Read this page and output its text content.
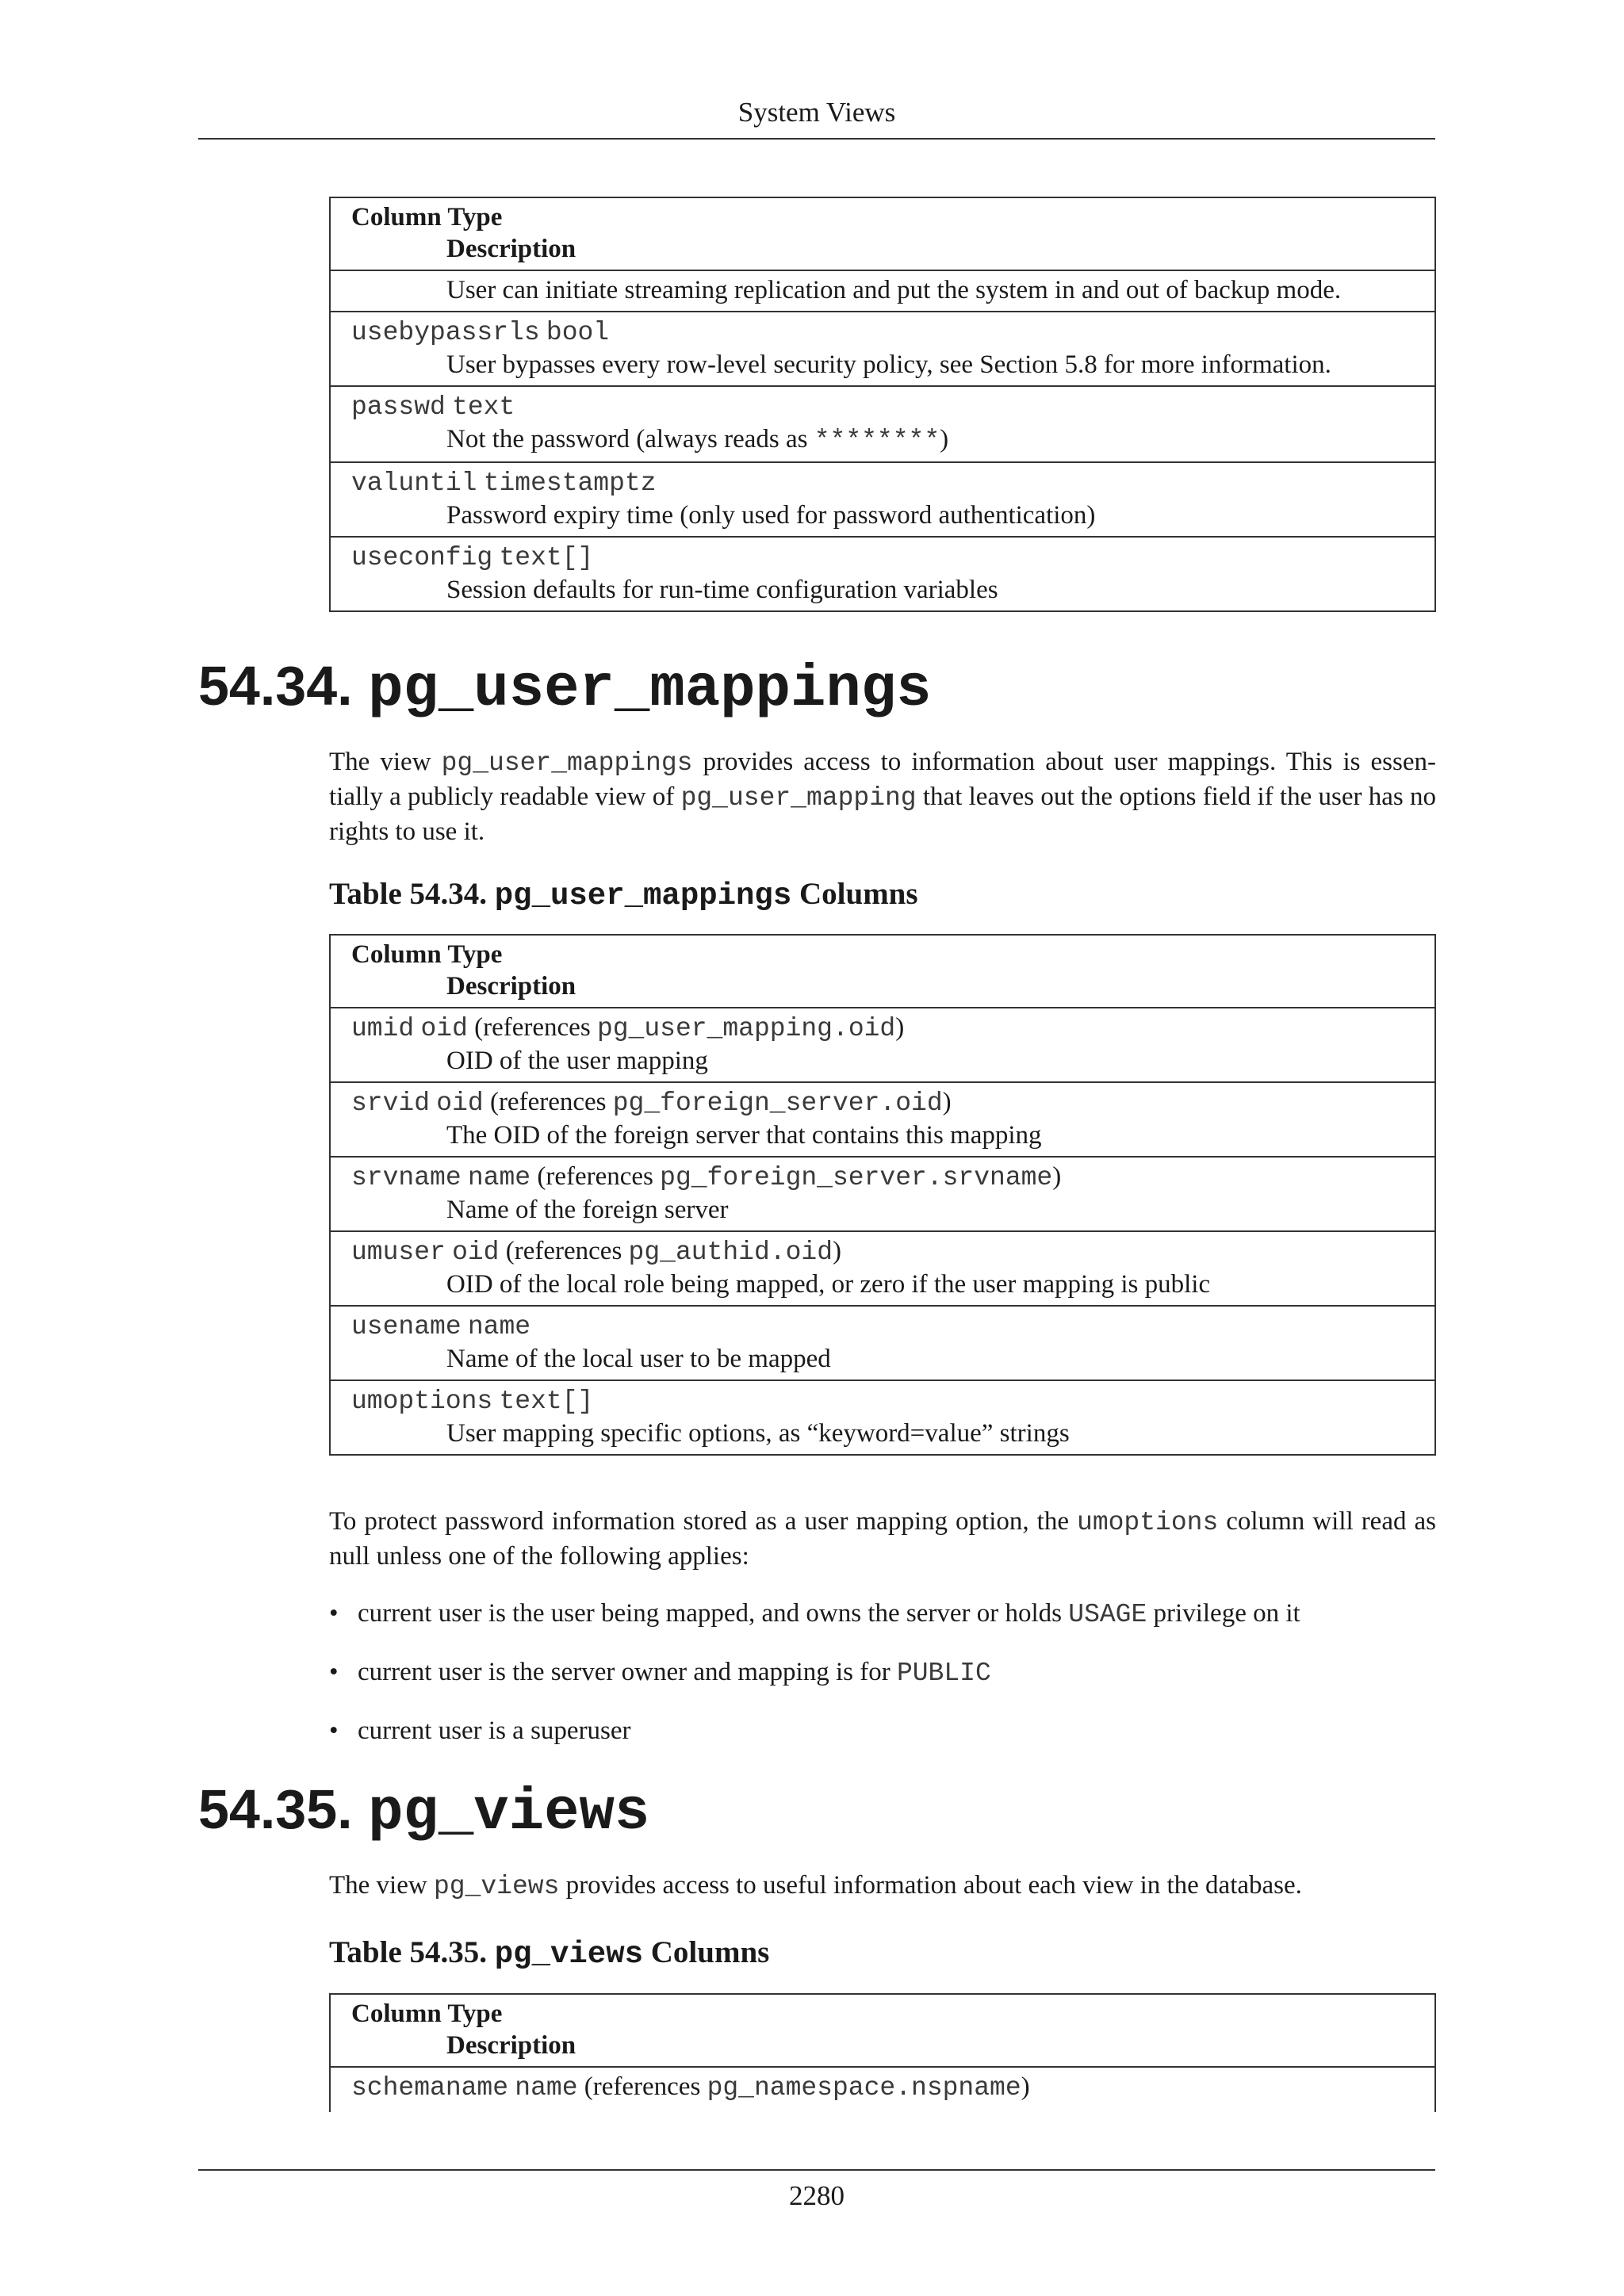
System Views
Column Type
Description

User can initiate streaming replication and put the system in and out of backup mode.

usebypassrls bool
User bypasses every row-level security policy, see Section 5.8 for more information.

passwd text
Not the password (always reads as ********)

valuntil timestamptz
Password expiry time (only used for password authentication)

useconfig text[]
Session defaults for run-time configuration variables
54.34. pg_user_mappings

The view pg_user_mappings provides access to information about user mappings. This is essen-tially a publicly readable view of pg_user_mapping that leaves out the options field if the user has no rights to use it.

Table 54.34. pg_user_mappings Columns

Column Type
Description

umid oid (references pg_user_mapping.oid)
OID of the user mapping

srvid oid (references pg_foreign_server.oid)
The OID of the foreign server that contains this mapping

srvname name (references pg_foreign_server.srvname)
Name of the foreign server

umuser oid (references pg_authid.oid)
OID of the local role being mapped, or zero if the user mapping is public

usename name
Name of the local user to be mapped

umoptions text[]
User mapping specific options, as “keyword=value” strings

To protect password information stored as a user mapping option, the umoptions column will read as null unless one of the following applies:

• current user is the user being mapped, and owns the server or holds USAGE privilege on it
• current user is the server owner and mapping is for PUBLIC
• current user is a superuser
54.35. pg_views

The view pg_views provides access to useful information about each view in the database.

Table 54.35. pg_views Columns

Column Type
Description

schemaname name (references pg_namespace.nspname)
2280
